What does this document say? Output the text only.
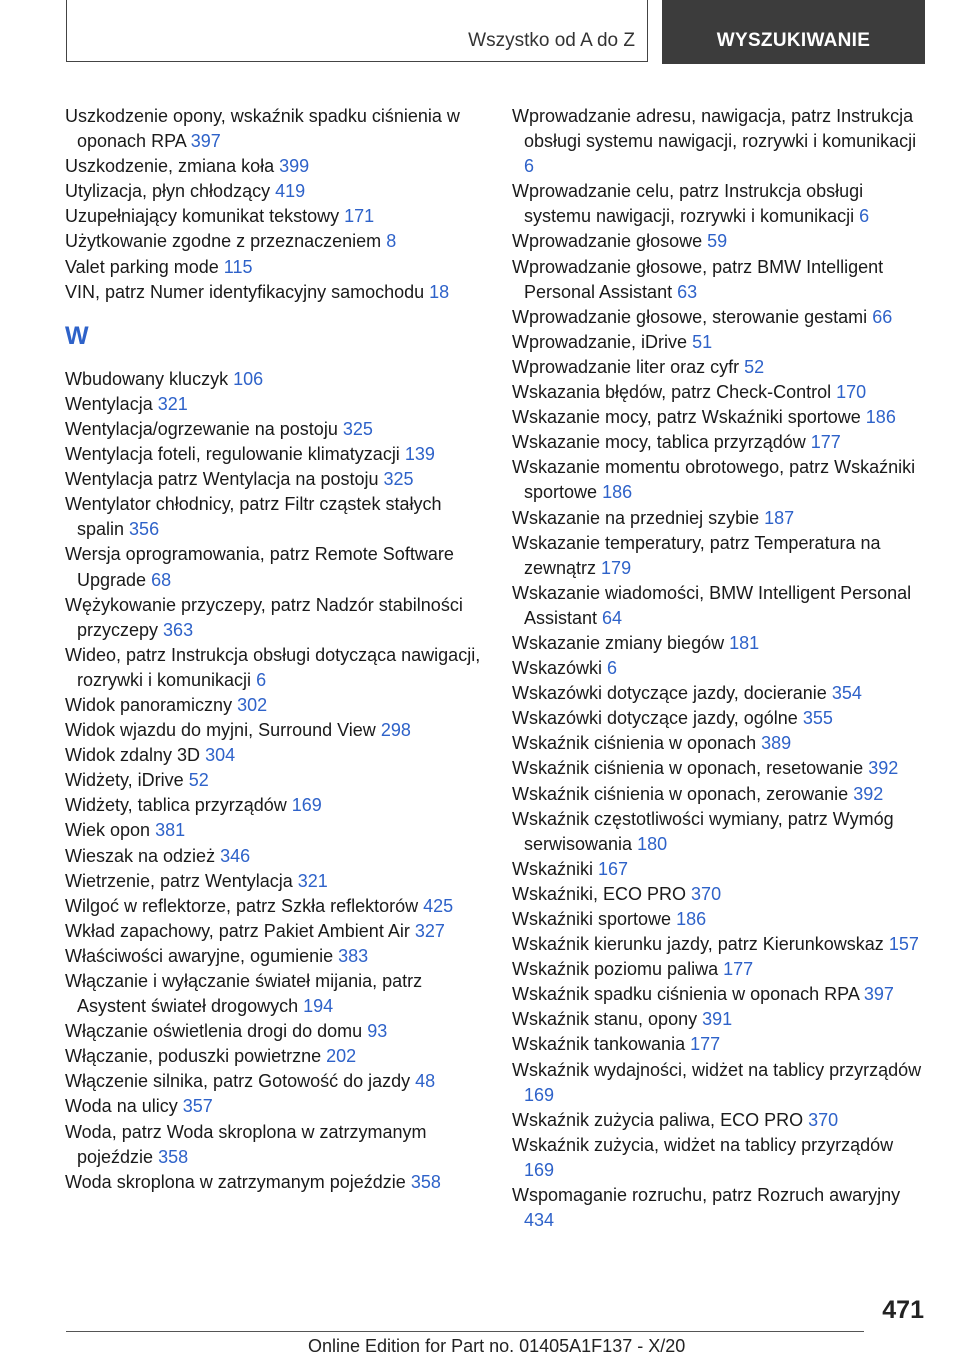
Wszystko od A do Z	WYSZUKIWANIE
Uszkodzenie opony, wskaźnik spadku ciśnienia w oponach RPA 397
Uszkodzenie, zmiana koła 399
Utylizacja, płyn chłodzący 419
Uzupełniający komunikat tekstowy 171
Użytkowanie zgodne z przeznaczeniem 8
Valet parking mode 115
VIN, patrz Numer identyfikacyjny samochodu 18
W
Wbudowany kluczyk 106
Wentylacja 321
Wentylacja/ogrzewanie na postoju 325
Wentylacja foteli, regulowanie klimatyzacji 139
Wentylacja patrz Wentylacja na postoju 325
Wentylator chłodnicy, patrz Filtr cząstek stałych spalin 356
Wersja oprogramowania, patrz Remote Software Upgrade 68
Wężykowanie przyczepy, patrz Nadzór stabilności przyczepy 363
Wideo, patrz Instrukcja obsługi dotycząca nawigacji, rozrywki i komunikacji 6
Widok panoramiczny 302
Widok wjazdu do myjni, Surround View 298
Widok zdalny 3D 304
Widżety, iDrive 52
Widżety, tablica przyrządów 169
Wiek opon 381
Wieszak na odzież 346
Wietrzenie, patrz Wentylacja 321
Wilgoć w reflektorze, patrz Szkła reflektorów 425
Wkład zapachowy, patrz Pakiet Ambient Air 327
Właściwości awaryjne, ogumienie 383
Włączanie i wyłączanie świateł mijania, patrz Asystent świateł drogowych 194
Włączanie oświetlenia drogi do domu 93
Włączanie, poduszki powietrzne 202
Włączenie silnika, patrz Gotowość do jazdy 48
Woda na ulicy 357
Woda, patrz Woda skroplona w zatrzymanym pojeździe 358
Woda skroplona w zatrzymanym pojeździe 358
Wprowadzanie adresu, nawigacja, patrz Instrukcja obsługi systemu nawigacji, rozrywki i komunikacji 6
Wprowadzanie celu, patrz Instrukcja obsługi systemu nawigacji, rozrywki i komunikacji 6
Wprowadzanie głosowe 59
Wprowadzanie głosowe, patrz BMW Intelligent Personal Assistant 63
Wprowadzanie głosowe, sterowanie gestami 66
Wprowadzanie, iDrive 51
Wprowadzanie liter oraz cyfr 52
Wskazania błędów, patrz Check-Control 170
Wskazanie mocy, patrz Wskaźniki sportowe 186
Wskazanie mocy, tablica przyrządów 177
Wskazanie momentu obrotowego, patrz Wskaźniki sportowe 186
Wskazanie na przedniej szybie 187
Wskazanie temperatury, patrz Temperatura na zewnątrz 179
Wskazanie wiadomości, BMW Intelligent Personal Assistant 64
Wskazanie zmiany biegów 181
Wskazówki 6
Wskazówki dotyczące jazdy, docieranie 354
Wskazówki dotyczące jazdy, ogólne 355
Wskaźnik ciśnienia w oponach 389
Wskaźnik ciśnienia w oponach, resetowanie 392
Wskaźnik ciśnienia w oponach, zerowanie 392
Wskaźnik częstotliwości wymiany, patrz Wymóg serwisowania 180
Wskaźniki 167
Wskaźniki, ECO PRO 370
Wskaźniki sportowe 186
Wskaźnik kierunku jazdy, patrz Kierunkowskaz 157
Wskaźnik poziomu paliwa 177
Wskaźnik spadku ciśnienia w oponach RPA 397
Wskaźnik stanu, opony 391
Wskaźnik tankowania 177
Wskaźnik wydajności, widżet na tablicy przyrządów 169
Wskaźnik zużycia paliwa, ECO PRO 370
Wskaźnik zużycia, widżet na tablicy przyrządów 169
Wspomaganie rozruchu, patrz Rozruch awaryjny 434
471
Online Edition for Part no. 01405A1F137 - X/20
